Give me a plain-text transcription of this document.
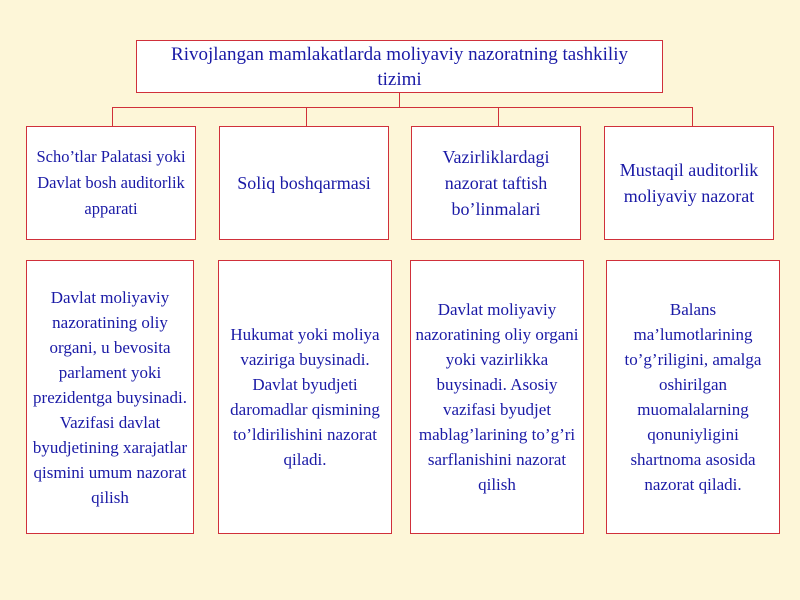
Rivojlangan mamlakatlarda moliyaviy nazoratning tashkiliy tizimi
Scho’tlar Palatasi yoki Davlat bosh auditorlik apparati
Soliq boshqarmasi
Vazirliklardagi nazorat taftish bo’linmalari
Mustaqil auditorlik moliyaviy nazorat
Davlat moliyaviy nazoratining oliy organi, u bevosita parlament yoki prezidentga buysinadi. Vazifasi davlat byudjetining xarajatlar qismini umum nazorat qilish
Hukumat yoki moliya vaziriga buysinadi. Davlat byudjeti daromadlar qismining to’ldirilishini nazorat qiladi.
Davlat moliyaviy nazoratining oliy organi yoki vazirlikka buysinadi. Asosiy vazifasi byudjet mablag’larining to’g’ri sarflanishini nazorat qilish
Balans ma’lumotlarining to’g’riligini, amalga oshirilgan muomalalarning qonuniyligini shartnoma asosida nazorat qiladi.
